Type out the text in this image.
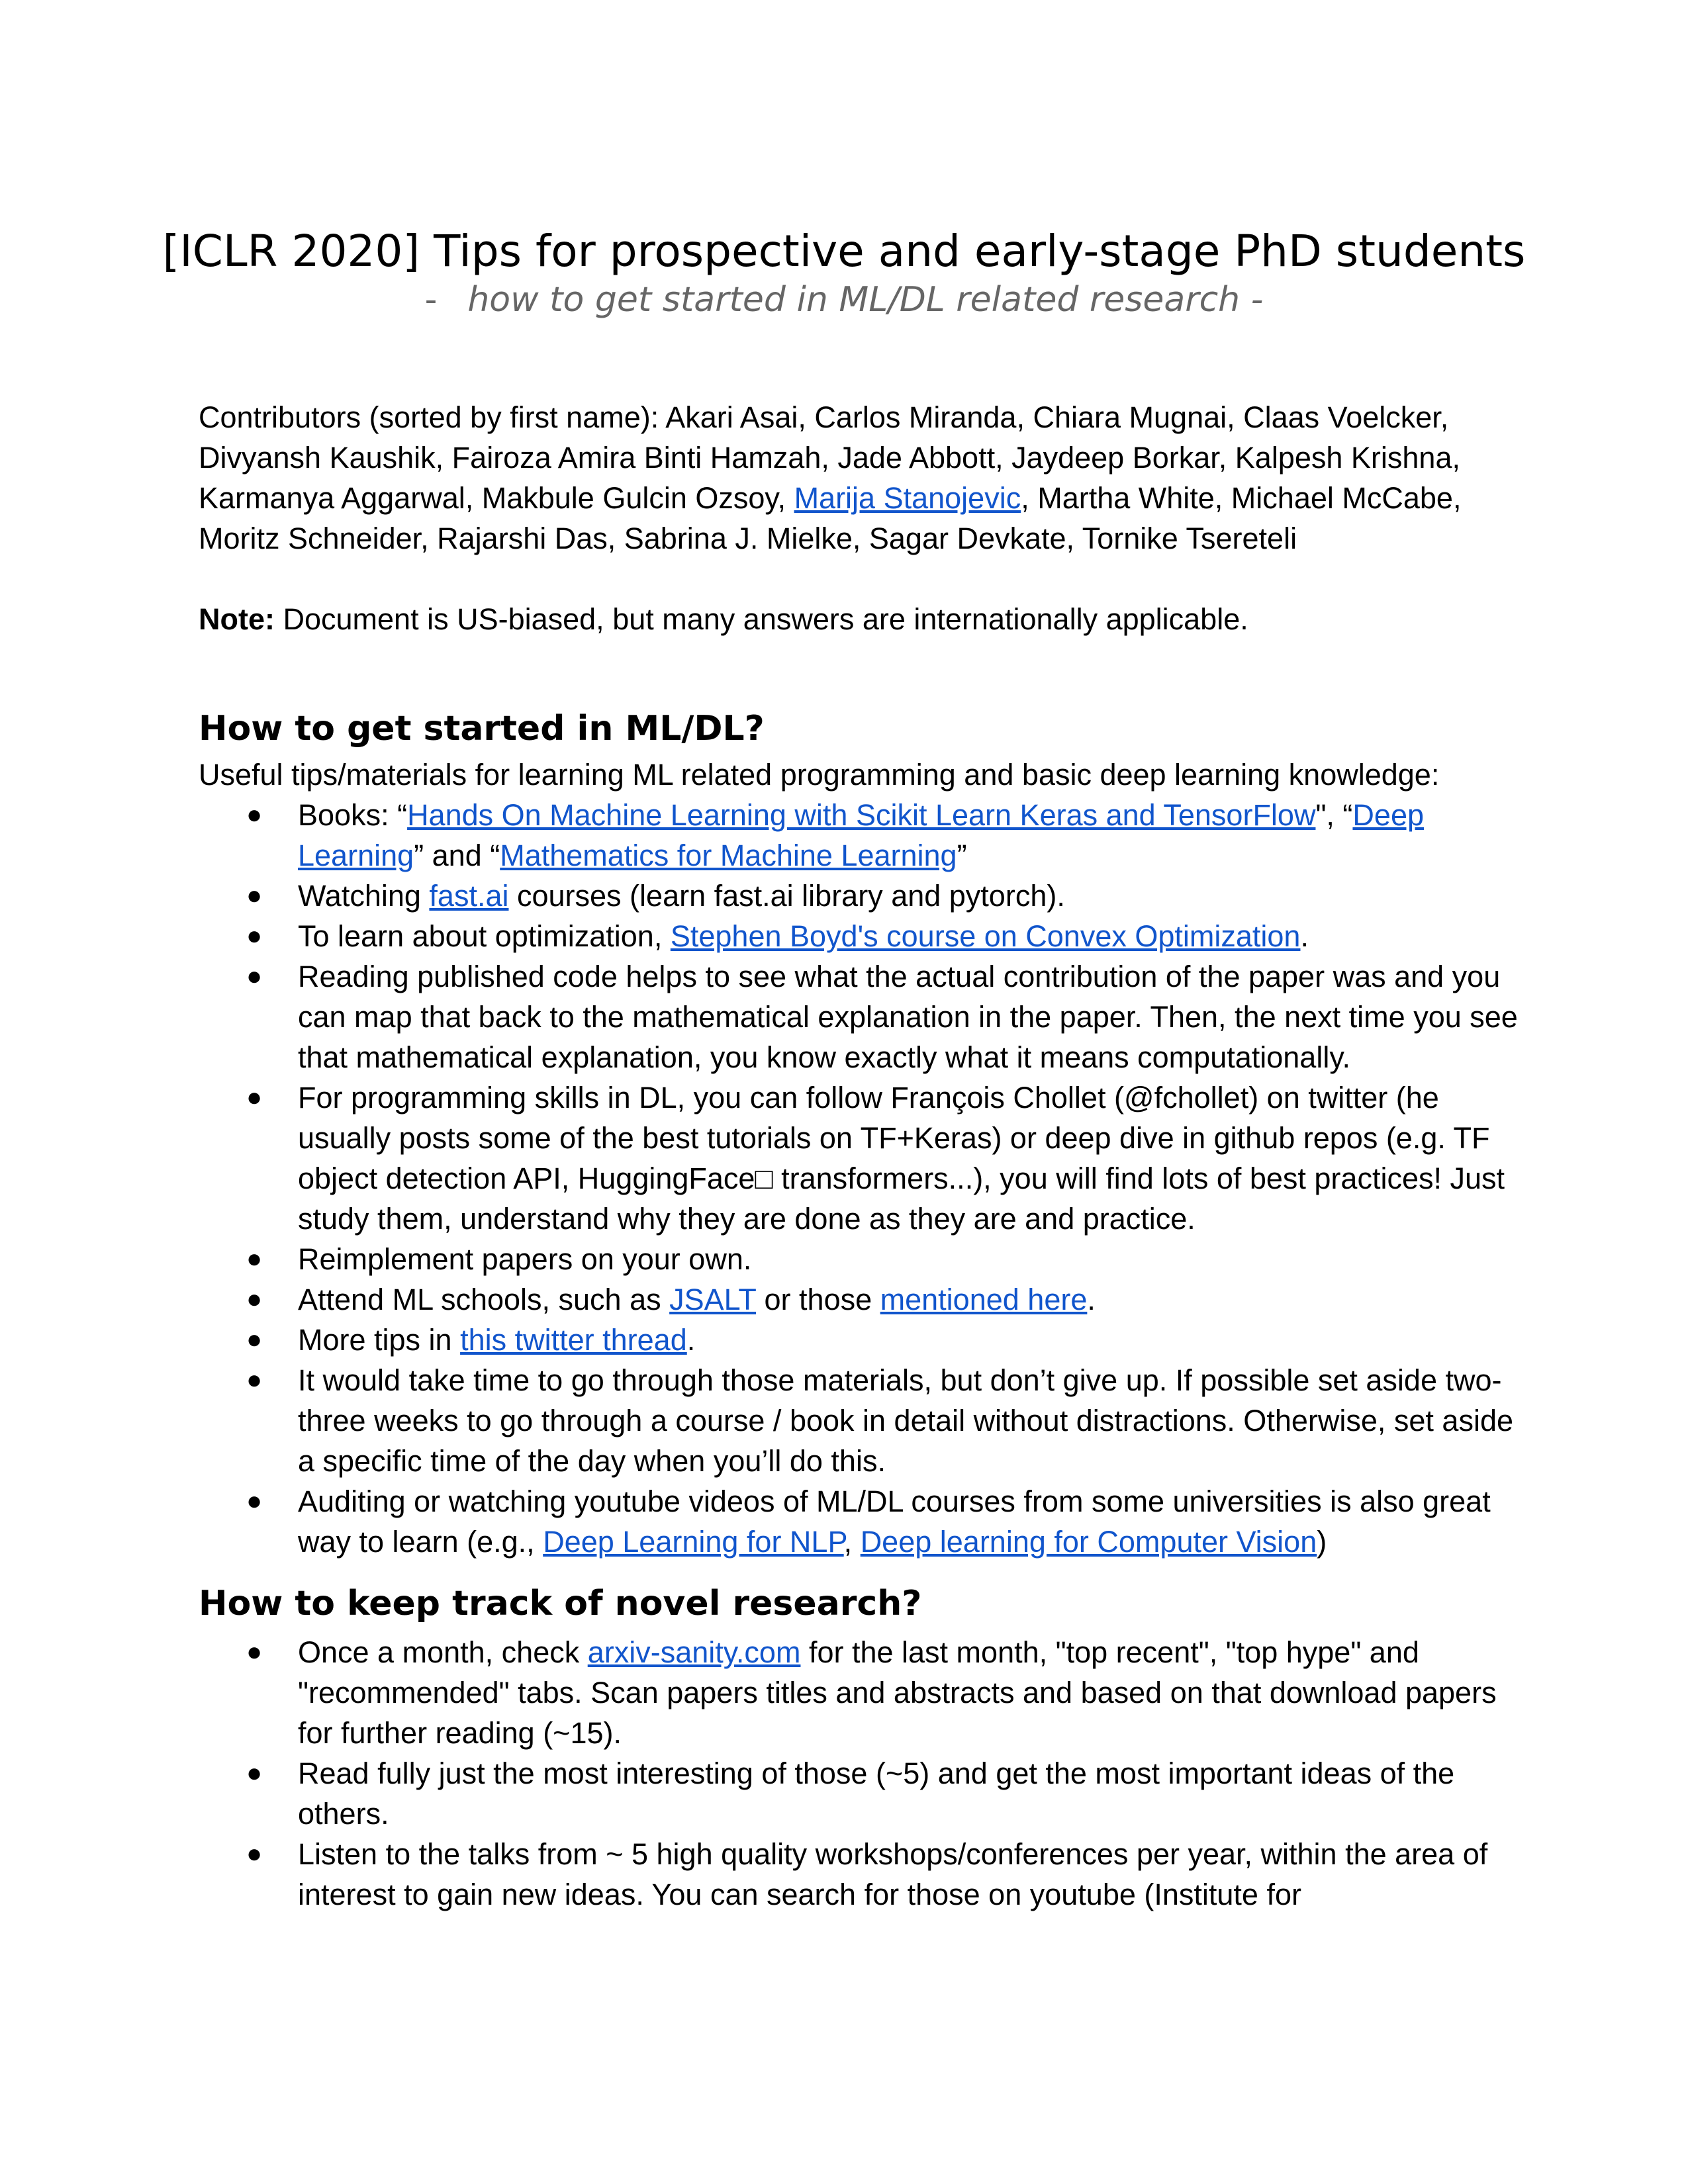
[ICLR 2020] Tips for prospective and early-stage PhD students
- how to get started in ML/DL related research -

Contributors (sorted by first name): Akari Asai, Carlos Miranda, Chiara Mugnai, Claas Voelcker, Divyansh Kaushik, Fairoza Amira Binti Hamzah, Jade Abbott, Jaydeep Borkar, Kalpesh Krishna, Karmanya Aggarwal, Makbule Gulcin Ozsoy, Marija Stanojevic, Martha White, Michael McCabe, Moritz Schneider, Rajarshi Das, Sabrina J. Mielke, Sagar Devkate, Tornike Tsereteli

Note: Document is US-biased, but many answers are internationally applicable.

How to get started in ML/DL?

Useful tips/materials for learning ML related programming and basic deep learning knowledge:

● Books: “Hands On Machine Learning with Scikit Learn Keras and TensorFlow", “Deep Learning” and “Mathematics for Machine Learning”
● Watching fast.ai courses (learn fast.ai library and pytorch).
● To learn about optimization, Stephen Boyd's course on Convex Optimization.
● Reading published code helps to see what the actual contribution of the paper was and you can map that back to the mathematical explanation in the paper. Then, the next time you see that mathematical explanation, you know exactly what it means computationally.
● For programming skills in DL, you can follow François Chollet (@fchollet) on twitter (he usually posts some of the best tutorials on TF+Keras) or deep dive in github repos (e.g. TF object detection API, HuggingFace□ transformers...), you will find lots of best practices! Just study them, understand why they are done as they are and practice.
● Reimplement papers on your own.
● Attend ML schools, such as JSALT or those mentioned here.
● More tips in this twitter thread.
● It would take time to go through those materials, but don’t give up. If possible set aside two-three weeks to go through a course / book in detail without distractions. Otherwise, set aside a specific time of the day when you’ll do this.
● Auditing or watching youtube videos of ML/DL courses from some universities is also great way to learn (e.g., Deep Learning for NLP, Deep learning for Computer Vision)
How to keep track of novel research?
● Once a month, check arxiv-sanity.com for the last month, "top recent", "top hype" and "recommended" tabs. Scan papers titles and abstracts and based on that download papers for further reading (~15).
● Read fully just the most interesting of those (~5) and get the most important ideas of the others.
● Listen to the talks from ~ 5 high quality workshops/conferences per year, within the area of interest to gain new ideas. You can search for those on youtube (Institute for
